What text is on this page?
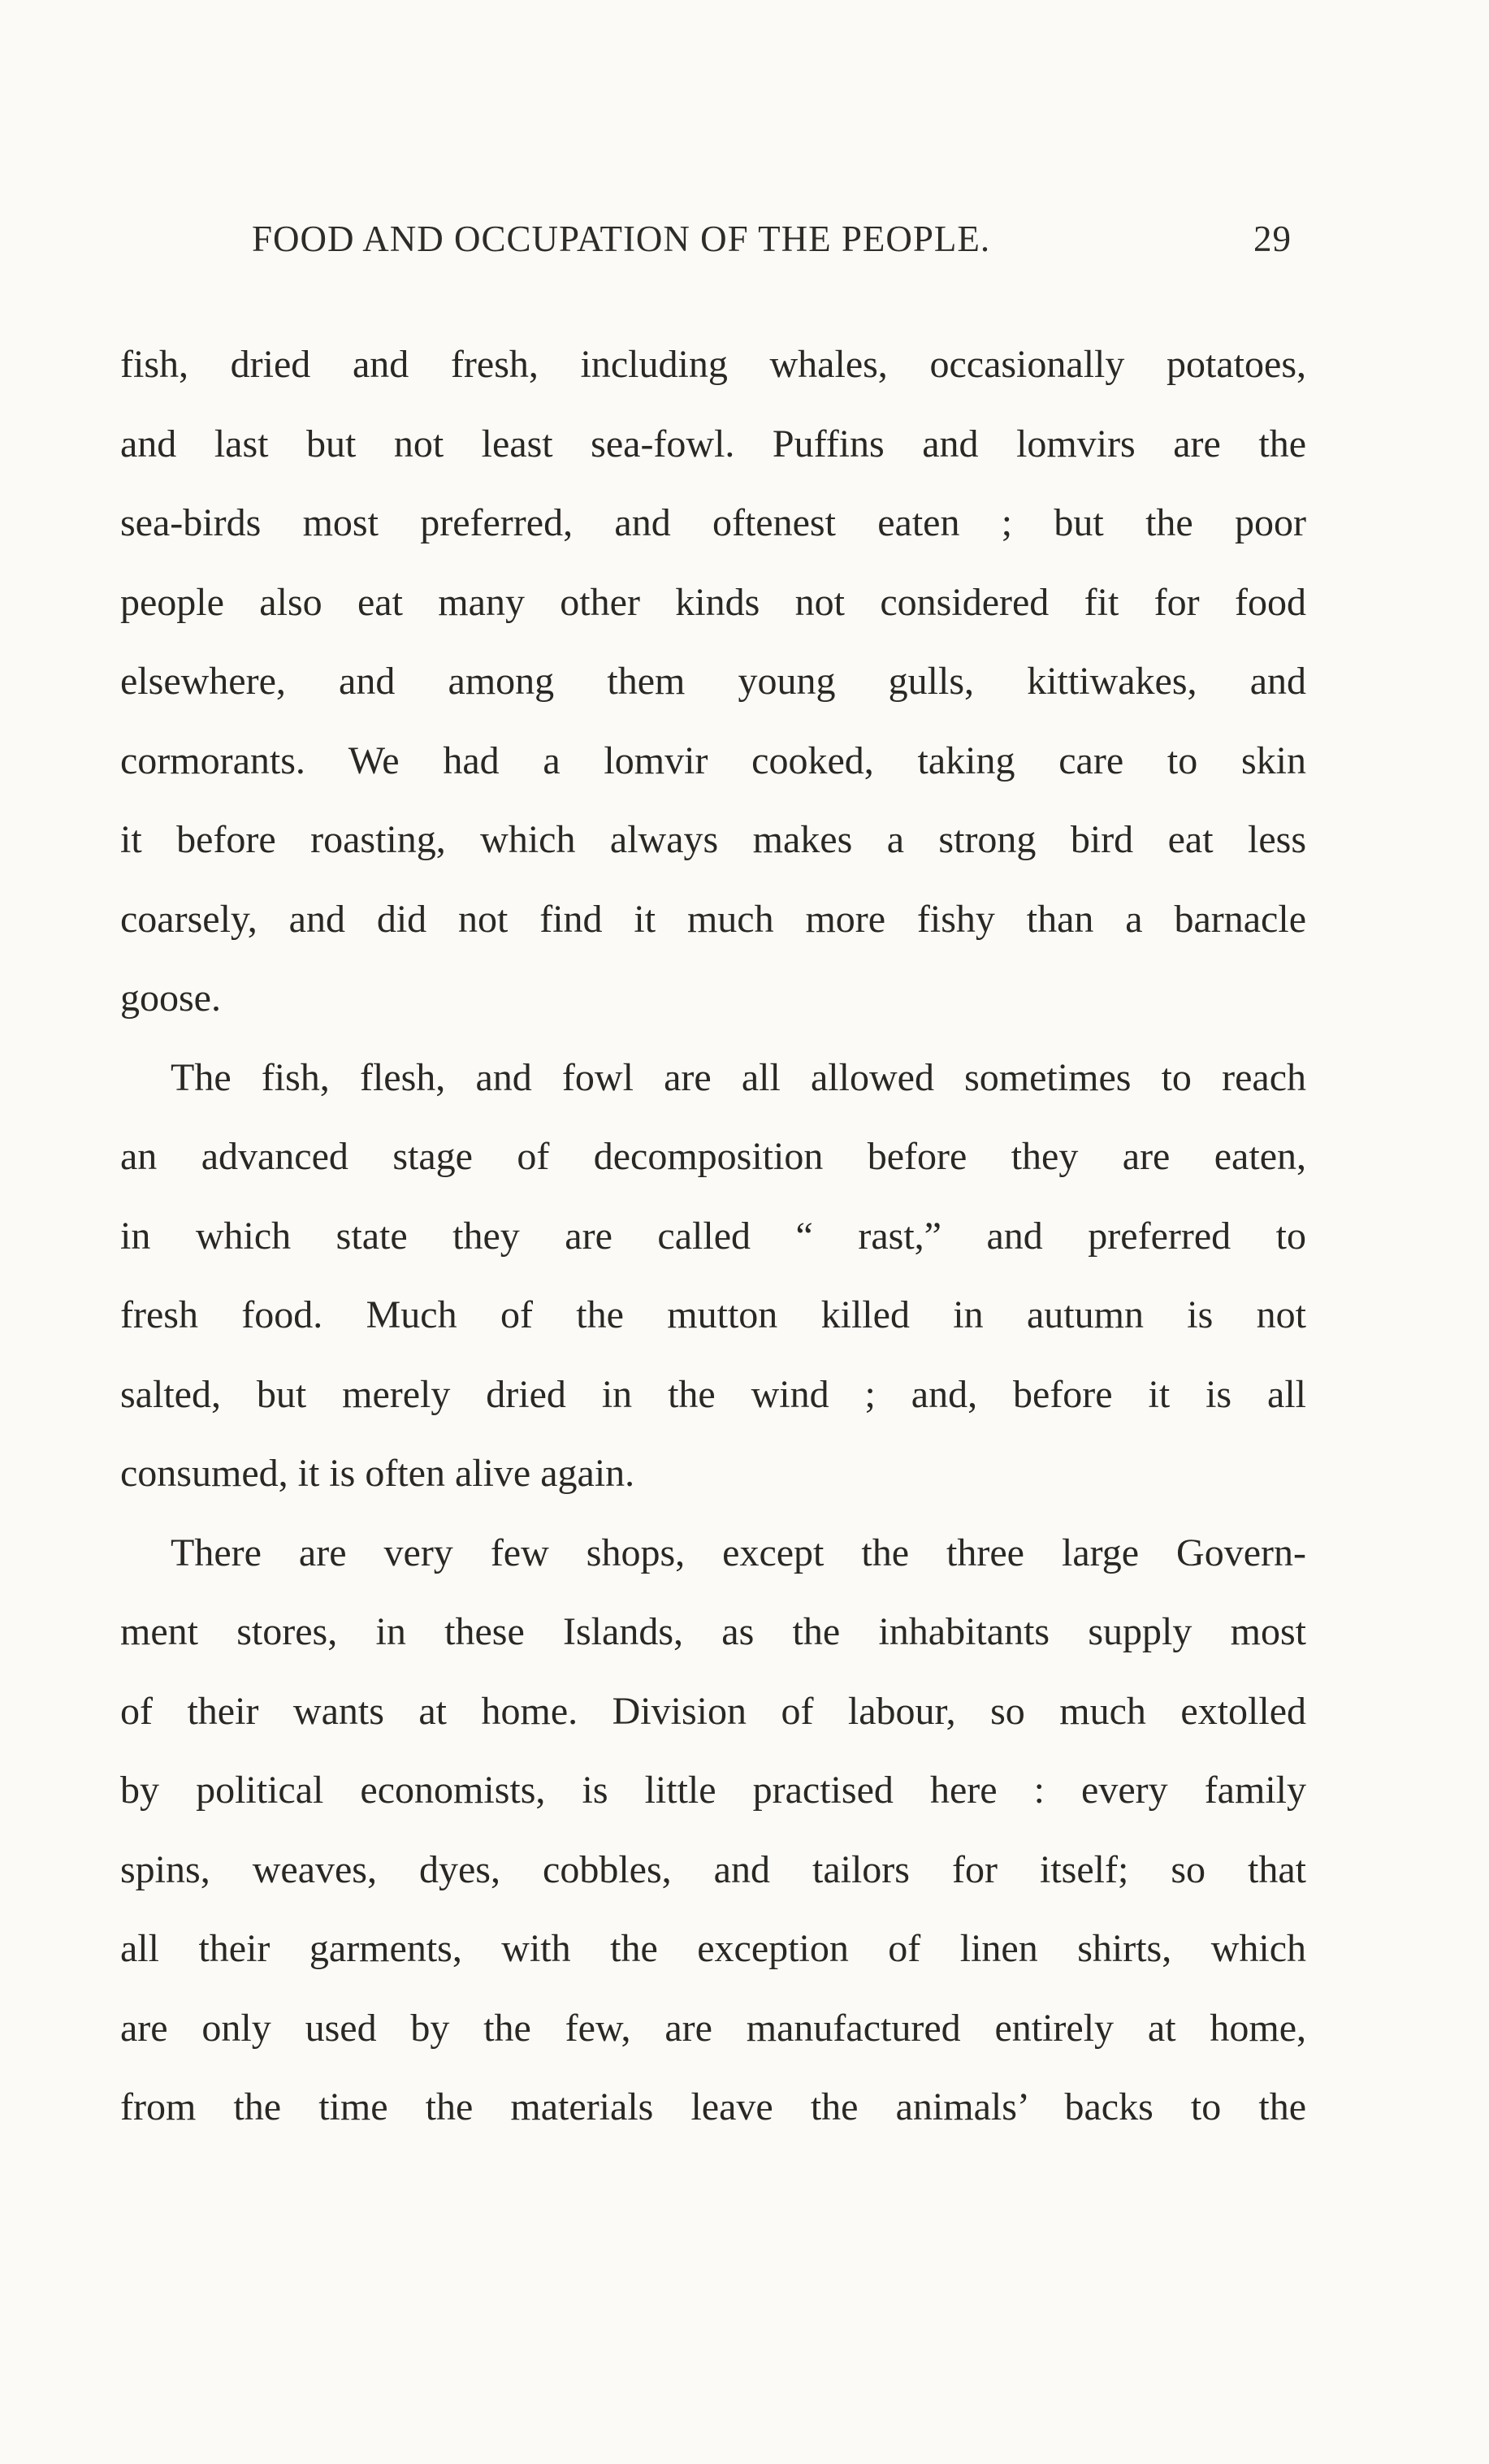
FOOD AND OCCUPATION OF THE PEOPLE.	29
fish, dried and fresh, including whales, occasionally potatoes,
and last but not least sea-fowl. Puffins and lomvirs are the
sea-birds most preferred, and oftenest eaten ; but the poor
people also eat many other kinds not considered fit for food
elsewhere, and among them young gulls, kittiwakes, and
cormorants. We had a lomvir cooked, taking care to skin
it before roasting, which always makes a strong bird eat less
coarsely, and did not find it much more fishy than a barnacle
goose.
The fish, flesh, and fowl are all allowed sometimes to reach
an advanced stage of decomposition before they are eaten,
in which state they are called “ rast,” and preferred to
fresh food. Much of the mutton killed in autumn is not
salted, but merely dried in the wind ; and, before it is all
consumed, it is often alive again.
There are very few shops, except the three large Govern-
ment stores, in these Islands, as the inhabitants supply most
of their wants at home. Division of labour, so much extolled
by political economists, is little practised here : every family
spins, weaves, dyes, cobbles, and tailors for itself; so that
all their garments, with the exception of linen shirts, which
are only used by the few, are manufactured entirely at home,
from the time the materials leave the animals’ backs to the
